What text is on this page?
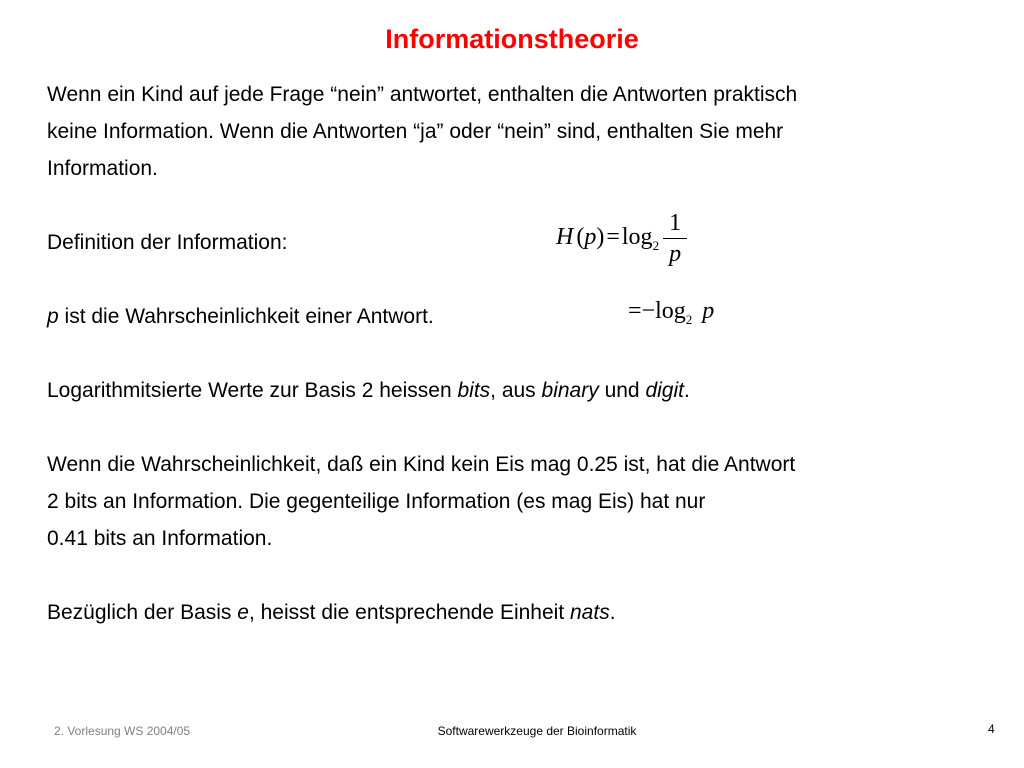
Informationstheorie
Wenn ein Kind auf jede Frage “nein” antwortet, enthalten die Antworten praktisch
keine Information. Wenn die Antworten “ja” oder “nein” sind, enthalten Sie mehr
Information.
Definition der Information:	H $(p)=\log_2 \frac{1}{p}$
p ist die Wahrscheinlichkeit einer Antwort.	$=-\log_2$ p
Logarithmitsierte Werte zur Basis 2 heissen bits, aus binary und digit.
Wenn die Wahrscheinlichkeit, daß ein Kind kein Eis mag 0.25 ist, hat die Antwort
2 bits an Information. Die gegenteilige Information (es mag Eis) hat nur
0.41 bits an Information.
Bezüglich der Basis e, heisst die entsprechende Einheit nats.
2. Vorlesung WS 2004/05	Softwarewerkzeuge der Bioinformatik	4
